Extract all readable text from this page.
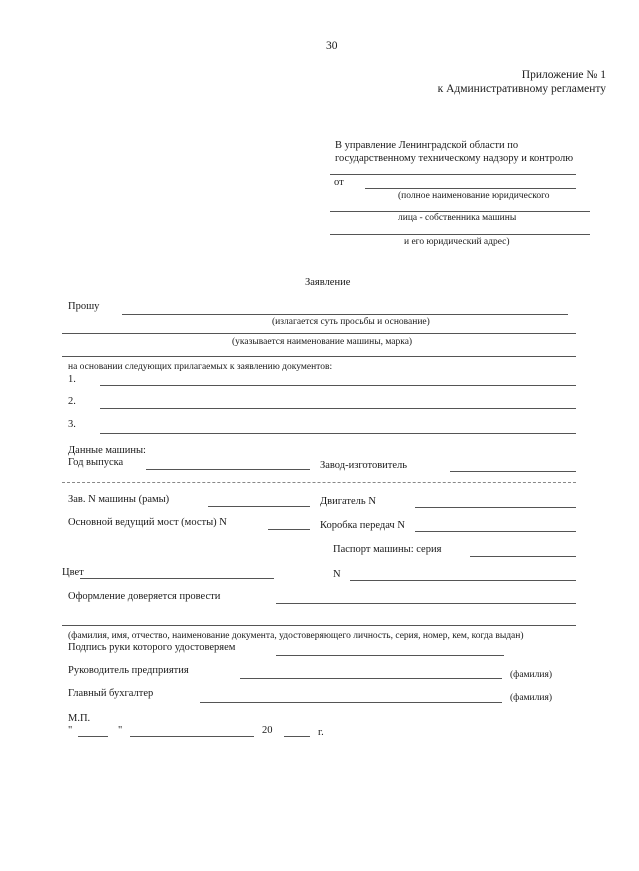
30
Приложение № 1
к Административному регламенту
В управление Ленинградской области по
государственному техническому надзору и контролю
от
(полное наименование юридического
лица - собственника машины
и его юридический адрес)
Заявление
Прошу
(излагается суть просьбы и основание)
(указывается наименование машины, марка)
на основании следующих прилагаемых к заявлению документов:
1.
2.
3.
Данные машины:
Год выпуска	Завод-изготовитель
Зав. N машины (рамы)	Двигатель N
Основной ведущий мост (мосты) N	Коробка передач N
Паспорт машины: серия
Цвет	N
Оформление доверяется провести
(фамилия, имя, отчество, наименование документа, удостоверяющего личность, серия, номер, кем, когда выдан)
Подпись руки которого удостоверяем
Руководитель предприятия	(фамилия)
Главный бухгалтер	(фамилия)
М.П.
"	"	20	г.
